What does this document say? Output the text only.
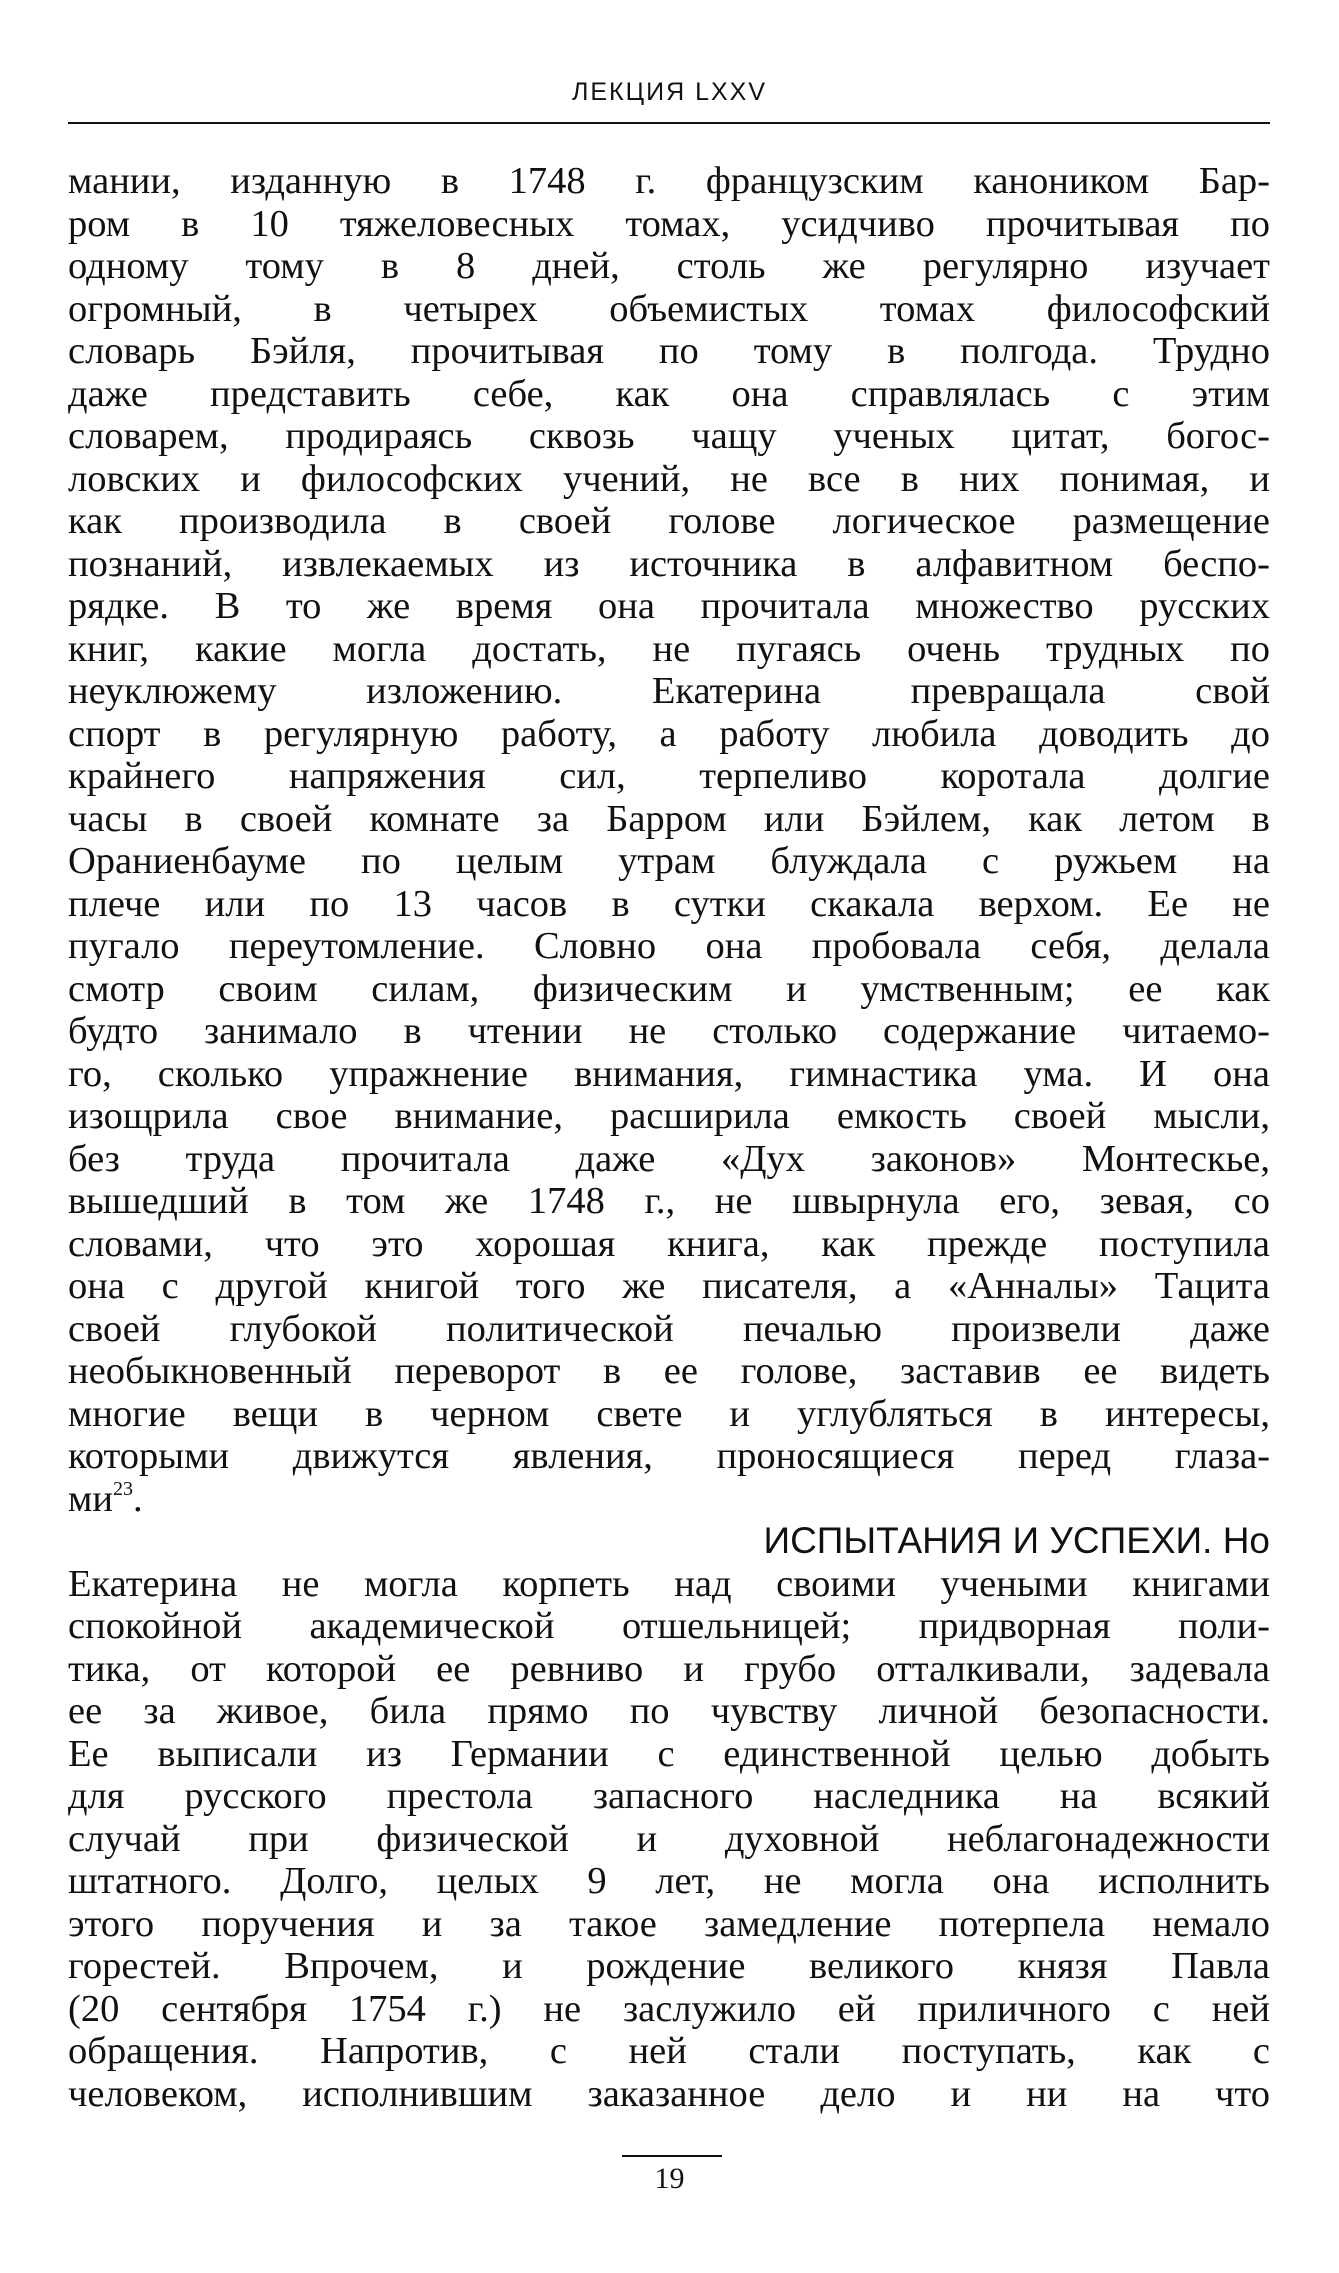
ЛЕКЦИЯ LXXV
мании, изданную в 1748 г. французским каноником Бар-
ром в 10 тяжеловесных томах, усидчиво прочитывая по
одному тому в 8 дней, столь же регулярно изучает
огромный, в четырех объемистых томах философский
словарь Бэйля, прочитывая по тому в полгода. Трудно
даже представить себе, как она справлялась с этим
словарем, продираясь сквозь чащу ученых цитат, богос-
ловских и философских учений, не все в них понимая, и
как производила в своей голове логическое размещение
познаний, извлекаемых из источника в алфавитном беспо-
рядке. В то же время она прочитала множество русских
книг, какие могла достать, не пугаясь очень трудных по
неуклюжему изложению. Екатерина превращала свой
спорт в регулярную работу, а работу любила доводить до
крайнего напряжения сил, терпеливо коротала долгие
часы в своей комнате за Барром или Бэйлем, как летом в
Ораниенбауме по целым утрам блуждала с ружьем на
плече или по 13 часов в сутки скакала верхом. Ее не
пугало переутомление. Словно она пробовала себя, делала
смотр своим силам, физическим и умственным; ее как
будто занимало в чтении не столько содержание читаемо-
го, сколько упражнение внимания, гимнастика ума. И она
изощрила свое внимание, расширила емкость своей мысли,
без труда прочитала даже «Дух законов» Монтескье,
вышедший в том же 1748 г., не швырнула его, зевая, со
словами, что это хорошая книга, как прежде поступила
она с другой книгой того же писателя, а «Анналы» Тацита
своей глубокой политической печалью произвели даже
необыкновенный переворот в ее голове, заставив ее видеть
многие вещи в черном свете и углубляться в интересы,
которыми движутся явления, проносящиеся перед глаза-
$ми^{23}$.
ИСПЫТАНИЯ И УСПЕХИ. Но
Екатерина не могла корпеть над своими учеными книгами
спокойной академической отшельницей; придворная поли-
тика, от которой ее ревниво и грубо отталкивали, задевала
ее за живое, била прямо по чувству личной безопасности.
Ее выписали из Германии с единственной целью добыть
для русского престола запасного наследника на всякий
случай при физической и духовной неблагонадежности
штатного. Долго, целых 9 лет, не могла она исполнить
этого поручения и за такое замедление потерпела немало
горестей. Впрочем, и рождение великого князя Павла
(20 сентября 1754 г.) не заслужило ей приличного с ней
обращения. Напротив, с ней стали поступать, как с
человеком, исполнившим заказанное дело и ни на что
19
